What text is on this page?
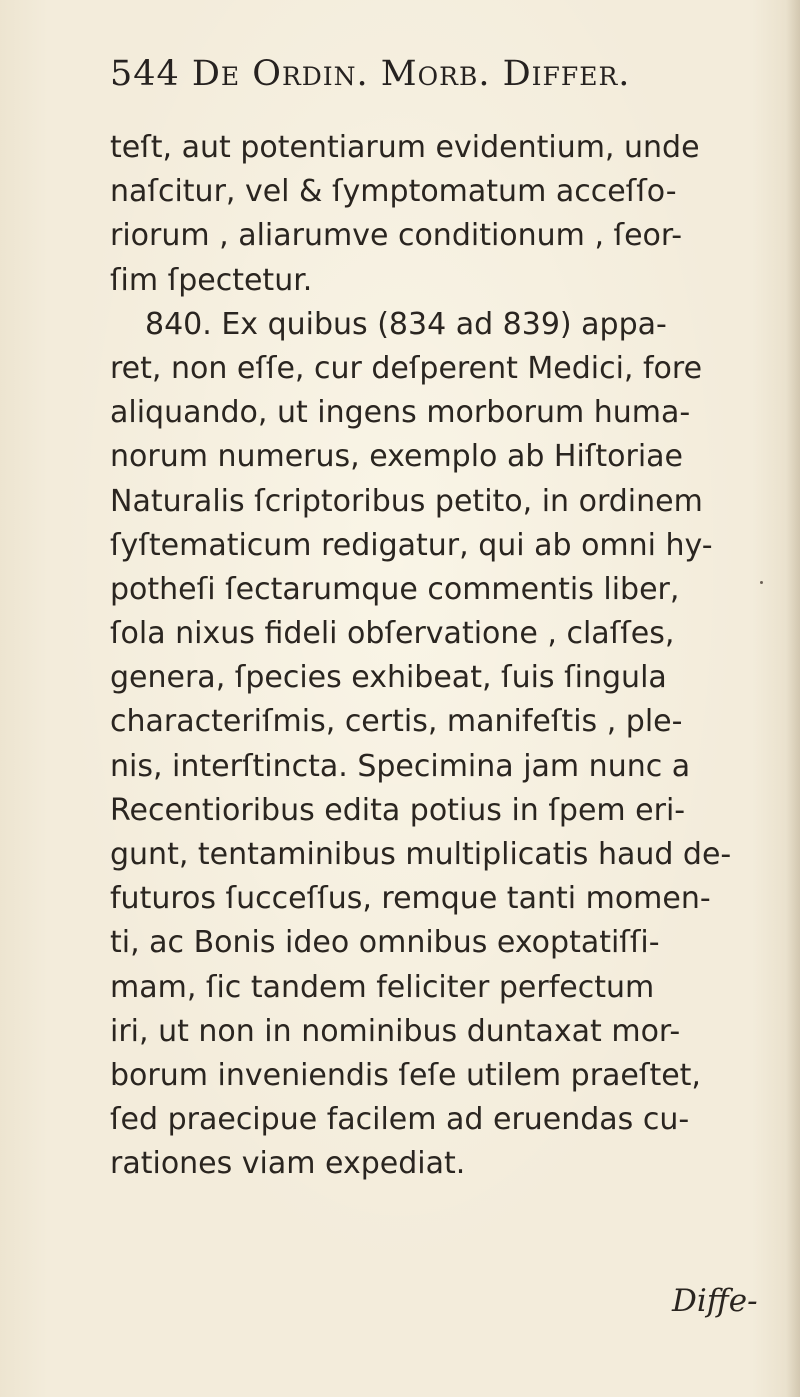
544 De Ordin. Morb. Differ.
teſt, aut potentiarum evidentium, unde
naſcitur, vel & ſymptomatum acceſſo-
riorum , aliarumve conditionum , ſeor-
ſim ſpectetur.
840. Ex quibus (834 ad 839) appa-
ret, non eſſe, cur deſperent Medici, fore
aliquando, ut ingens morborum huma-
norum numerus, exemplo ab Hiſtoriae
Naturalis ſcriptoribus petito, in ordinem
ſyſtematicum redigatur, qui ab omni hy-
potheſi ſectarumque commentis liber,
ſola nixus fideli obſervatione , claſſes,
genera, ſpecies exhibeat, ſuis ſingula
characteriſmis, certis, manifeſtis , ple-
nis, interſtincta. Specimina jam nunc a
Recentioribus edita potius in ſpem eri-
gunt, tentaminibus multiplicatis haud de-
futuros ſucceſſus, remque tanti momen-
ti, ac Bonis ideo omnibus exoptatiſſi-
mam, ſic tandem feliciter perfectum
iri, ut non in nominibus duntaxat mor-
borum inveniendis ſeſe utilem praeſtet,
ſed praecipue facilem ad eruendas cu-
rationes viam expediat.
Diffe-
